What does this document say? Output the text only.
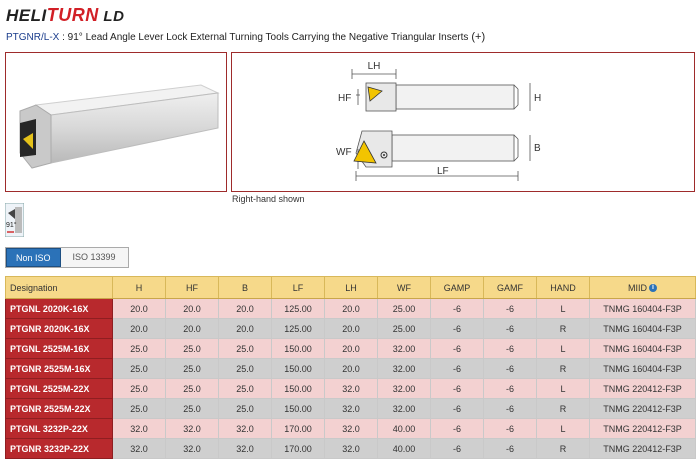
HELITURN LD
PTGNR/L-X : 91° Lead Angle Lever Lock External Turning Tools Carrying the Negative Triangular Inserts (+)
LH
HF	H
WF	B
LF
Right-hand shown
91°
Non ISO	ISO 13399
Designation	H	HF	B	LF	LH	WF	GAMP	GAMF	HAND	MIID i
PTGNL 2020K-16X	20.0	20.0	20.0	125.00	20.0	25.00	-6	-6	L	TNMG 160404-F3P
PTGNR 2020K-16X	20.0	20.0	20.0	125.00	20.0	25.00	-6	-6	R	TNMG 160404-F3P
PTGNL 2525M-16X	25.0	25.0	25.0	150.00	20.0	32.00	-6	-6	L	TNMG 160404-F3P
PTGNR 2525M-16X	25.0	25.0	25.0	150.00	20.0	32.00	-6	-6	R	TNMG 160404-F3P
PTGNL 2525M-22X	25.0	25.0	25.0	150.00	32.0	32.00	-6	-6	L	TNMG 220412-F3P
PTGNR 2525M-22X	25.0	25.0	25.0	150.00	32.0	32.00	-6	-6	R	TNMG 220412-F3P
PTGNL 3232P-22X	32.0	32.0	32.0	170.00	32.0	40.00	-6	-6	L	TNMG 220412-F3P
PTGNR 3232P-22X	32.0	32.0	32.0	170.00	32.0	40.00	-6	-6	R	TNMG 220412-F3P
